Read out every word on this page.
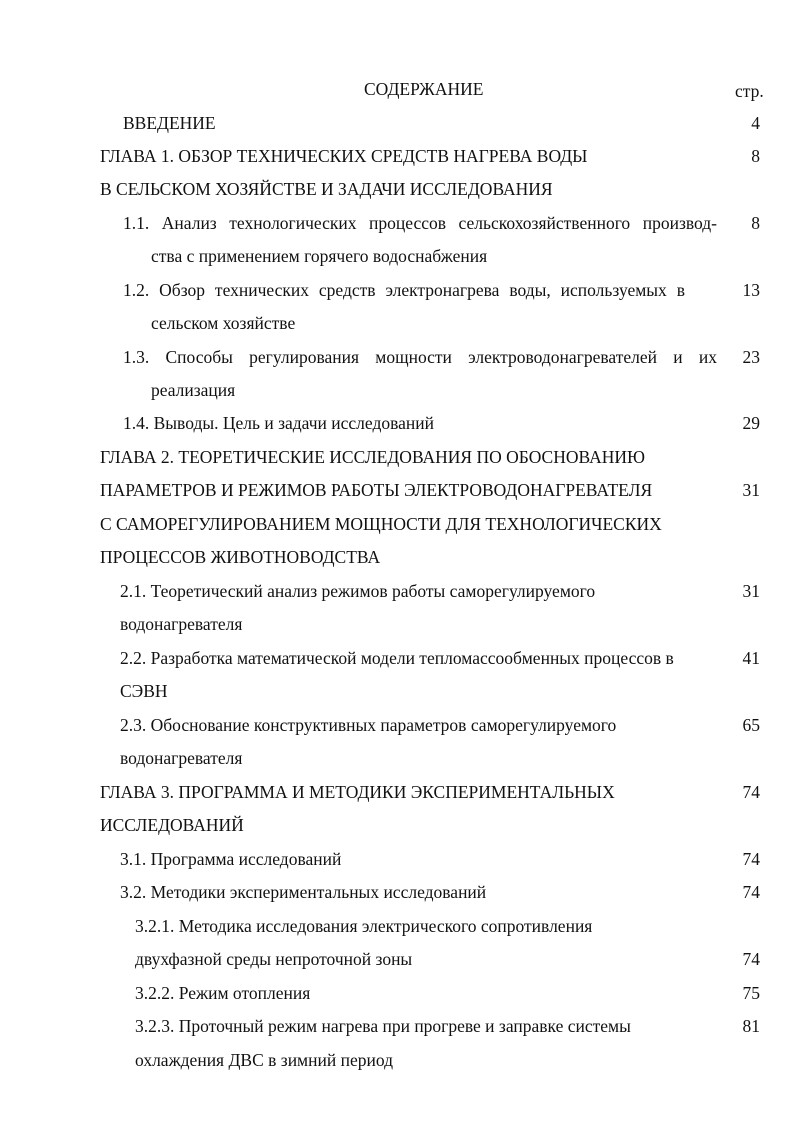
СОДЕРЖАНИЕ	стр.
ВВЕДЕНИЕ
ГЛАВА 1. ОБЗОР ТЕХНИЧЕСКИХ СРЕДСТВ НАГРЕВА ВОДЫ
В СЕЛЬСКОМ ХОЗЯЙСТВЕ И ЗАДАЧИ ИССЛЕДОВАНИЯ
1.1. Анализ технологических процессов сельскохозяйственного производ-
ства с применением горячего водоснабжения
1.2. Обзор технических средств электронагрева воды, используемых в
сельском хозяйстве
1.3. Способы регулирования мощности электроводонагревателей и их
реализация
1.4. Выводы. Цель и задачи исследований
ГЛАВА 2. ТЕОРЕТИЧЕСКИЕ ИССЛЕДОВАНИЯ ПО ОБОСНОВАНИЮ
ПАРАМЕТРОВ И РЕЖИМОВ РАБОТЫ ЭЛЕКТРОВОДОНАГРЕВАТЕЛЯ
С САМОРЕГУЛИРОВАНИЕМ МОЩНОСТИ ДЛЯ ТЕХНОЛОГИЧЕСКИХ
ПРОЦЕССОВ ЖИВОТНОВОДСТВА
2.1. Теоретический анализ режимов работы саморегулируемого
водонагревателя
2.2. Разработка математической модели тепломассообменных процессов в
СЭВН
2.3. Обоснование конструктивных параметров саморегулируемого
водонагревателя
ГЛАВА 3. ПРОГРАММА И МЕТОДИКИ ЭКСПЕРИМЕНТАЛЬНЫХ
ИССЛЕДОВАНИЙ
3.1. Программа исследований
3.2. Методики экспериментальных исследований
3.2.1. Методика исследования электрического сопротивления
двухфазной среды непроточной зоны
3.2.2. Режим отопления
3.2.3. Проточный режим нагрева при прогреве и заправке системы
охлаждения ДВС в зимний период
4
8
8
13
23
29
31
31
41
65
74
74
74
74
75
81
